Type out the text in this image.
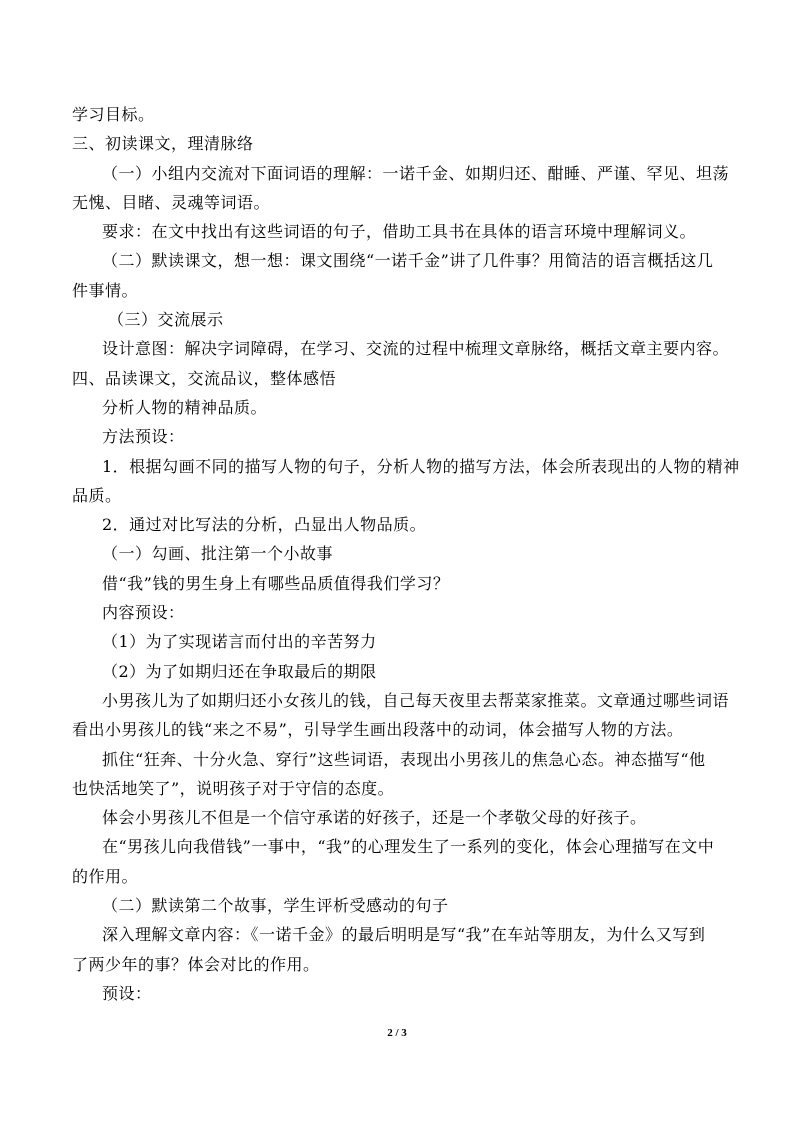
学习目标。
三、初读课文，理清脉络
（一）小组内交流对下面词语的理解：一诺千金、如期归还、酣睡、严谨、罕见、坦荡
无愧、目睹、灵魂等词语。
要求：在文中找出有这些词语的句子，借助工具书在具体的语言环境中理解词义。
（二）默读课文，想一想：课文围绕“一诺千金”讲了几件事？用简洁的语言概括这几
件事情。
（三）交流展示
设计意图：解决字词障碍，在学习、交流的过程中梳理文章脉络，概括文章主要内容。
四、品读课文，交流品议，整体感悟
分析人物的精神品质。
方法预设：
1．根据勾画不同的描写人物的句子，分析人物的描写方法，体会所表现出的人物的精神
品质。
2．通过对比写法的分析，凸显出人物品质。
（一）勾画、批注第一个小故事
借“我”钱的男生身上有哪些品质值得我们学习？
内容预设：
（1）为了实现诺言而付出的辛苦努力
（2）为了如期归还在争取最后的期限
小男孩儿为了如期归还小女孩儿的钱，自己每天夜里去帮菜家推菜。文章通过哪些词语
看出小男孩儿的钱“来之不易”，引导学生画出段落中的动词，体会描写人物的方法。
抓住“狂奔、十分火急、穿行”这些词语，表现出小男孩儿的焦急心态。神态描写“他
也快活地笑了”，说明孩子对于守信的态度。
体会小男孩儿不但是一个信守承诺的好孩子，还是一个孝敬父母的好孩子。
在“男孩儿向我借钱”一事中，“我”的心理发生了一系列的变化，体会心理描写在文中
的作用。
（二）默读第二个故事，学生评析受感动的句子
深入理解文章内容：《一诺千金》的最后明明是写“我”在车站等朋友，为什么又写到
了两少年的事？体会对比的作用。
预设：
2 / 3
